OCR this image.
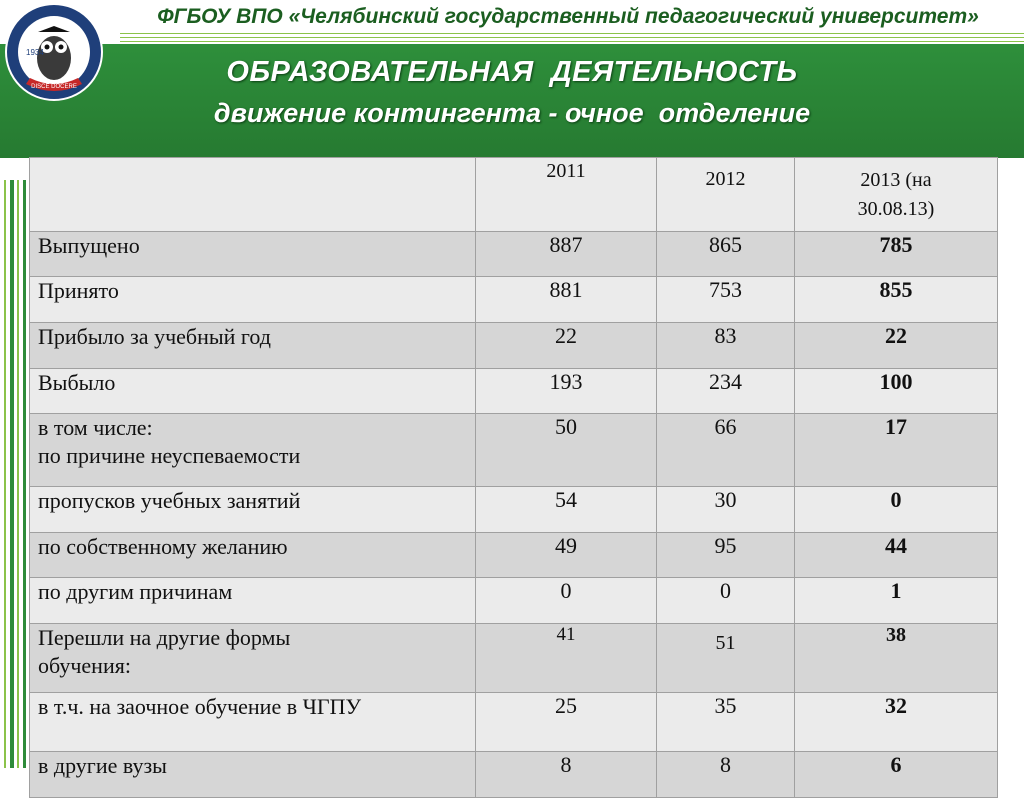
ФГБОУ ВПО «Челябинский государственный педагогический университет»
1934
DISCE DOCERE	ОБРАЗОВАТЕЛЬНАЯ  ДЕЯТЕЛЬНОСТЬ
движение контингента - очное  отделение
	2011	2012	2013 (на 30.08.13)
Выпущено	887	865	785
Принято	881	753	855
Прибыло за учебный год	22	83	22
Выбыло	193	234	100
в том числе:
по причине неуспеваемости	50	66	17
пропусков учебных занятий	54	30	0
по собственному желанию	49	95	44
по другим причинам	0	0	1
Перешли на другие формы обучения:	41	51	38
в т.ч. на заочное обучение в ЧГПУ	25	35	32
в другие вузы	8	8	6
